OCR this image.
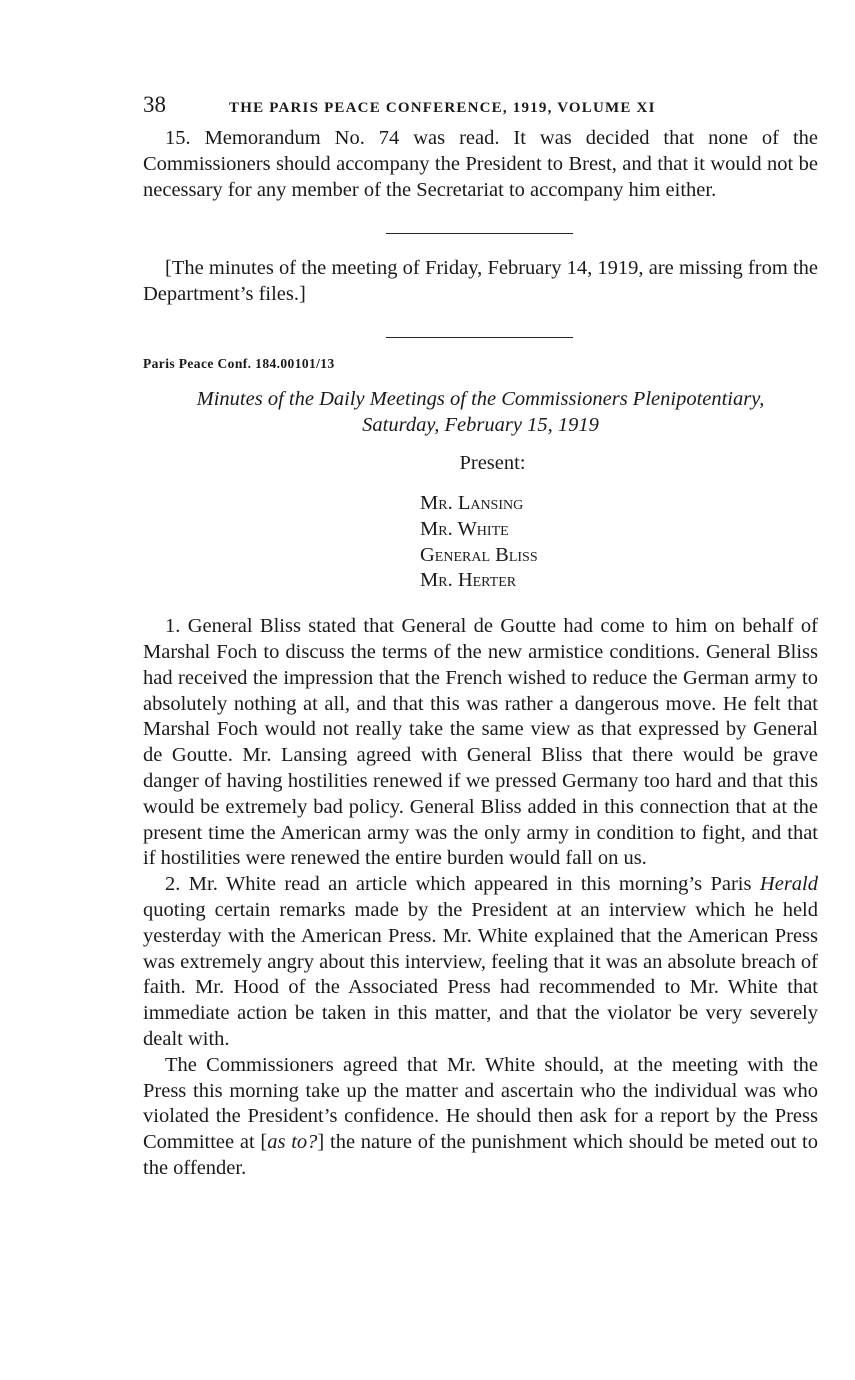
38	THE PARIS PEACE CONFERENCE, 1919, VOLUME XI

15. Memorandum No. 74 was read. It was decided that none of the Commissioners should accompany the President to Brest, and that it would not be necessary for any member of the Secretariat to accompany him either.

[The minutes of the meeting of Friday, February 14, 1919, are missing from the Department’s files.]

Paris Peace Conf. 184.00101/13
Minutes of the Daily Meetings of the Commissioners Plenipotentiary,
Saturday, February 15, 1919
Present:
Mr. Lansing
Mr. White
General Bliss
Mr. Herter

1. General Bliss stated that General de Goutte had come to him on behalf of Marshal Foch to discuss the terms of the new armistice conditions. General Bliss had received the impression that the French wished to reduce the German army to absolutely nothing at all, and that this was rather a dangerous move. He felt that Marshal Foch would not really take the same view as that expressed by General de Goutte. Mr. Lansing agreed with General Bliss that there would be grave danger of having hostilities renewed if we pressed Germany too hard and that this would be extremely bad policy. General Bliss added in this connection that at the present time the American army was the only army in condition to fight, and that if hostilities were renewed the entire burden would fall on us.

2. Mr. White read an article which appeared in this morning’s Paris Herald quoting certain remarks made by the President at an interview which he held yesterday with the American Press. Mr. White explained that the American Press was extremely angry about this interview, feeling that it was an absolute breach of faith. Mr. Hood of the Associated Press had recommended to Mr. White that immediate action be taken in this matter, and that the violator be very severely dealt with.

The Commissioners agreed that Mr. White should, at the meeting with the Press this morning take up the matter and ascertain who the individual was who violated the President’s confidence. He should then ask for a report by the Press Committee at [as to?] the nature of the punishment which should be meted out to the offender.
